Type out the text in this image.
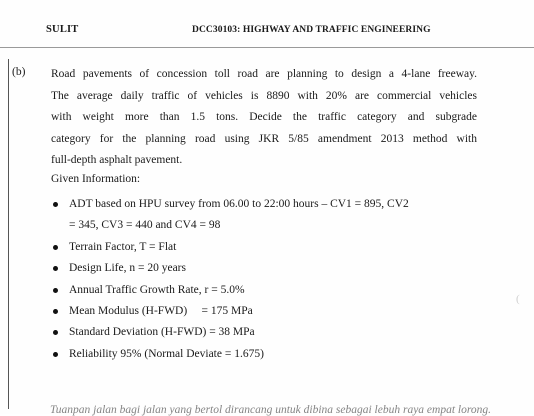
SULIT	DCC30103: HIGHWAY AND TRAFFIC ENGINEERING
(b) Road pavements of concession toll road are planning to design a 4-lane freeway.
The average daily traffic of vehicles is 8890 with 20% are commercial vehicles
with weight more than 1.5 tons. Decide the traffic category and subgrade
category for the planning road using JKR 5/85 amendment 2013 method with
full-depth asphalt pavement.

Given Information:
ADT based on HPU survey from 06.00 to 22:00 hours – CV1 = 895, CV2
= 345, CV3 = 440 and CV4 = 98
Terrain Factor, T = Flat
Design Life, n = 20 years
Annual Traffic Growth Rate, r = 5.0%
Mean Modulus (H-FWD)     = 175 MPa
Standard Deviation (H-FWD) = 38 MPa
Reliability 95% (Normal Deviate = 1.675)
Tuanpan jalan bagi jalan yang bertol dirancang untuk dibina sebagai lebuh raya empat lorong.
(
